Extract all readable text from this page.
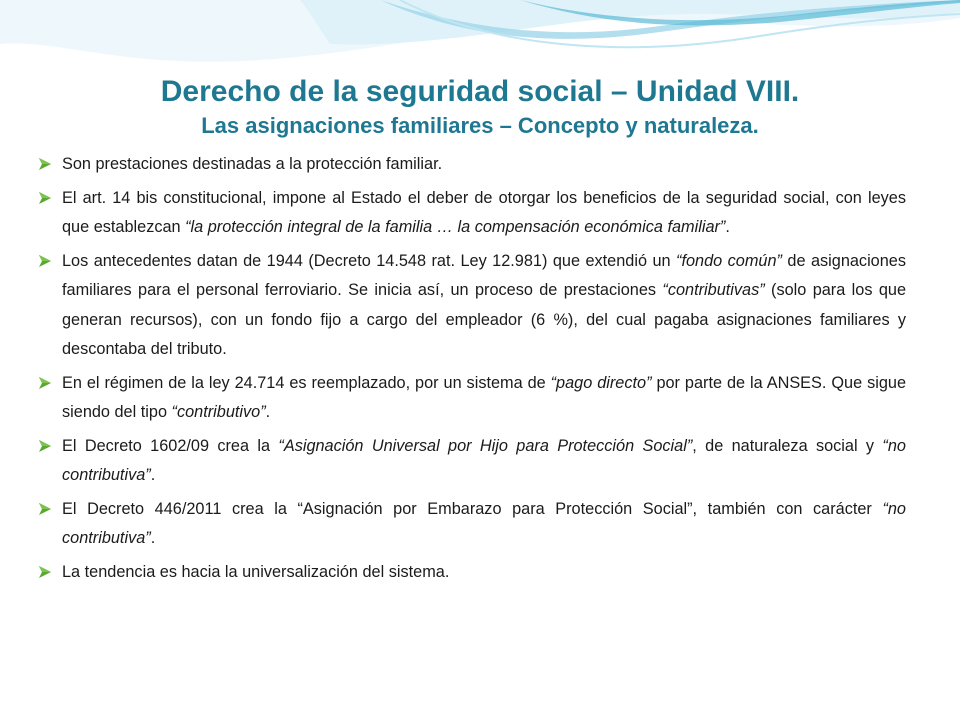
Derecho de la seguridad social – Unidad VIII.
Las asignaciones familiares – Concepto y naturaleza.
Son prestaciones destinadas a la protección familiar.
El art. 14 bis constitucional, impone al Estado el deber de otorgar los beneficios de la seguridad social, con leyes que establezcan “la protección integral de la familia … la compensación económica familiar”.
Los antecedentes datan de 1944 (Decreto 14.548 rat. Ley 12.981) que extendió un “fondo común” de asignaciones familiares para el personal ferroviario. Se inicia así, un proceso de prestaciones “contributivas” (solo para los que generan recursos), con un fondo fijo a cargo del empleador (6 %), del cual pagaba asignaciones familiares y descontaba del tributo.
En el régimen de la ley 24.714 es reemplazado, por un sistema de “pago directo” por parte de la ANSES. Que sigue siendo del tipo “contributivo”.
El Decreto 1602/09 crea la “Asignación Universal por Hijo para Protección Social”, de naturaleza social y “no contributiva”.
El Decreto 446/2011 crea la “Asignación por Embarazo para Protección Social”, también con carácter “no contributiva”.
La tendencia es hacia la universalización del sistema.
